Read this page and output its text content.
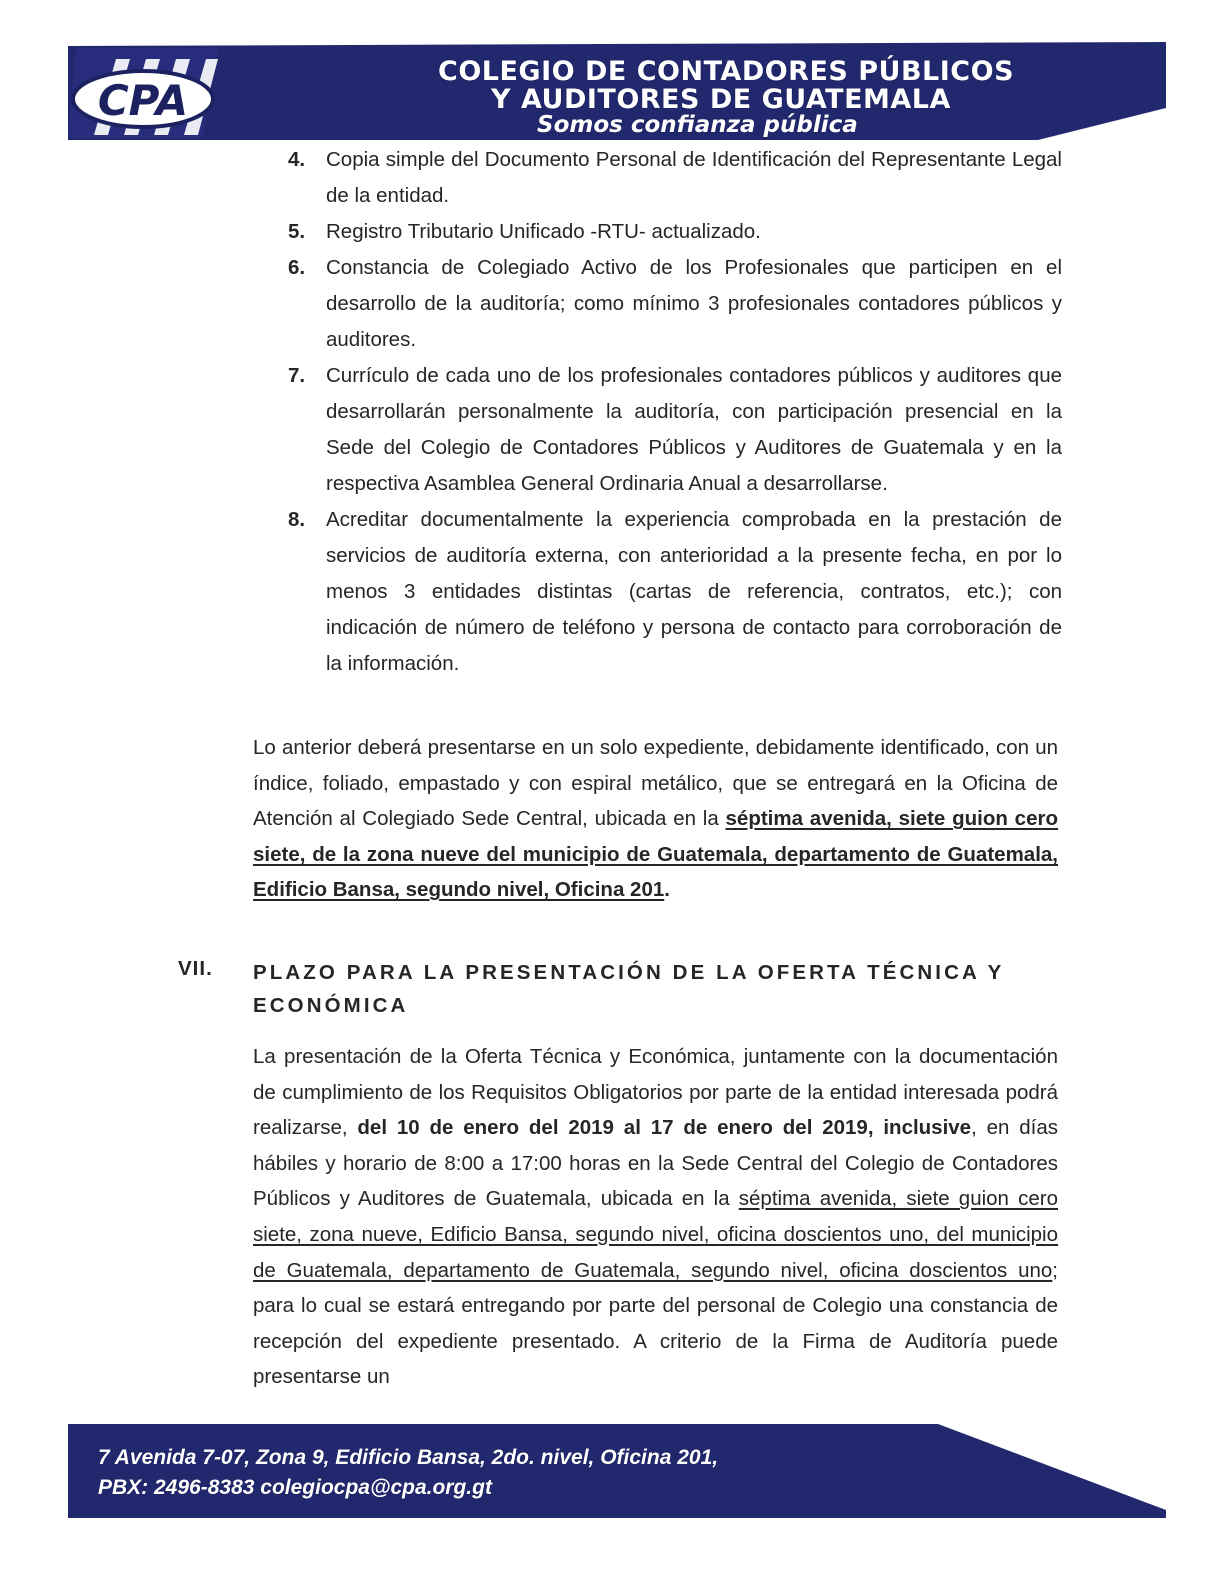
CPA
COLEGIO DE CONTADORES PÚBLICOS
Y AUDITORES DE GUATEMALA
Somos confianza pública
4. Copia simple del Documento Personal de Identificación del Representante Legal de la entidad.
5. Registro Tributario Unificado -RTU- actualizado.
6. Constancia de Colegiado Activo de los Profesionales que participen en el desarrollo de la auditoría; como mínimo 3 profesionales contadores públicos y auditores.
7. Currículo de cada uno de los profesionales contadores públicos y auditores que desarrollarán personalmente la auditoría, con participación presencial en la Sede del Colegio de Contadores Públicos y Auditores de Guatemala y en la respectiva Asamblea General Ordinaria Anual a desarrollarse.
8. Acreditar documentalmente la experiencia comprobada en la prestación de servicios de auditoría externa, con anterioridad a la presente fecha, en por lo menos 3 entidades distintas (cartas de referencia, contratos, etc.); con indicación de número de teléfono y persona de contacto para corroboración de la información.

Lo anterior deberá presentarse en un solo expediente, debidamente identificado, con un índice, foliado, empastado y con espiral metálico, que se entregará en la Oficina de Atención al Colegiado Sede Central, ubicada en la séptima avenida, siete guion cero siete, de la zona nueve del municipio de Guatemala, departamento de Guatemala, Edificio Bansa, segundo nivel, Oficina 201.

VII. PLAZO PARA LA PRESENTACIÓN DE LA OFERTA TÉCNICA Y ECONÓMICA

La presentación de la Oferta Técnica y Económica, juntamente con la documentación de cumplimiento de los Requisitos Obligatorios por parte de la entidad interesada podrá realizarse, del 10 de enero del 2019 al 17 de enero del 2019, inclusive, en días hábiles y horario de 8:00 a 17:00 horas en la Sede Central del Colegio de Contadores Públicos y Auditores de Guatemala, ubicada en la séptima avenida, siete guion cero siete, zona nueve, Edificio Bansa, segundo nivel, oficina doscientos uno, del municipio de Guatemala, departamento de Guatemala, segundo nivel, oficina doscientos uno; para lo cual se estará entregando por parte del personal de Colegio una constancia de recepción del expediente presentado. A criterio de la Firma de Auditoría puede presentarse un

7 Avenida 7-07, Zona 9, Edificio Bansa, 2do. nivel, Oficina 201,
PBX: 2496-8383 colegiocpa@cpa.org.gt
